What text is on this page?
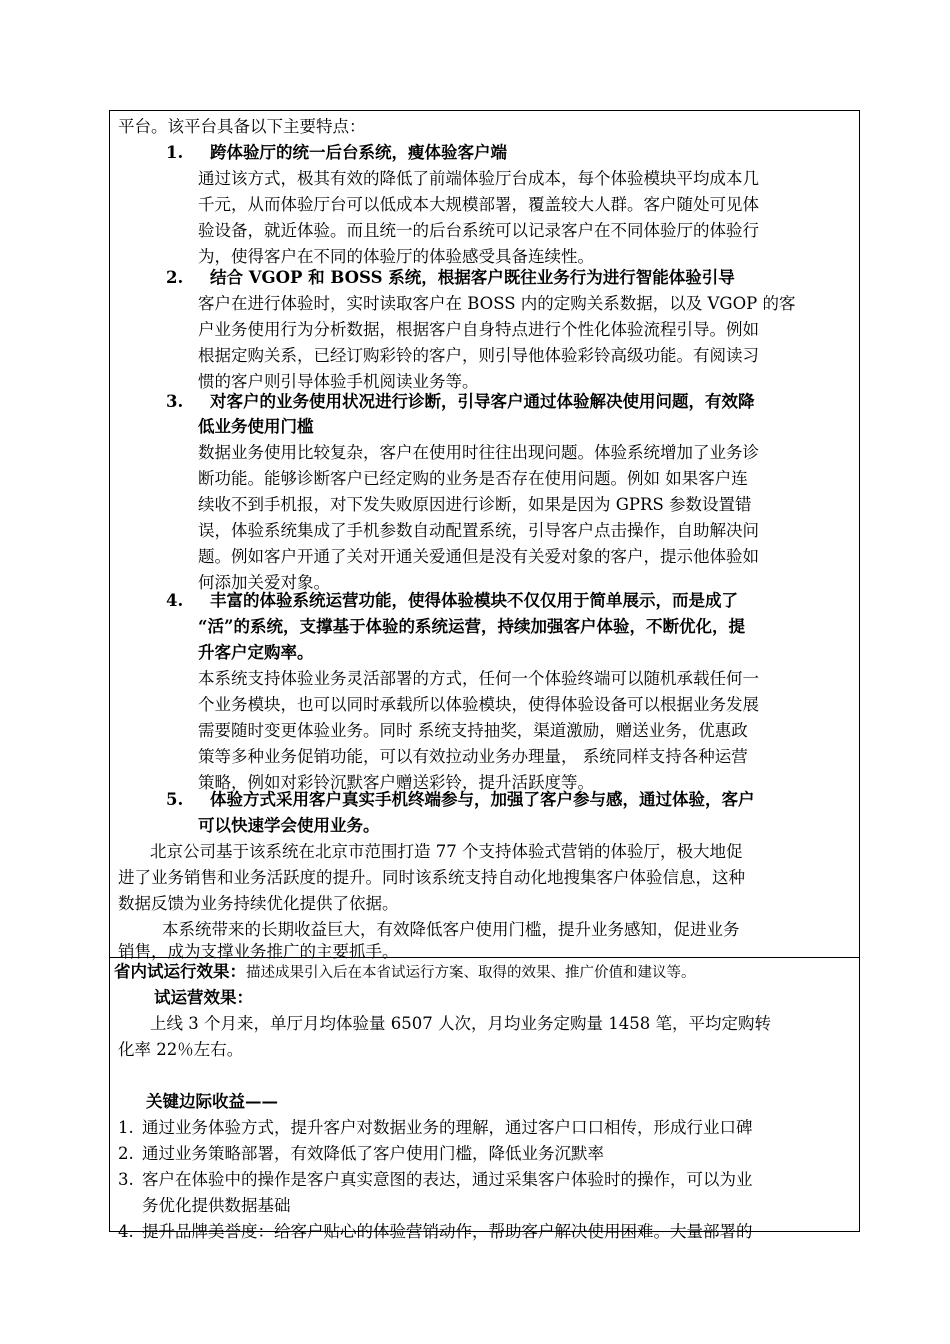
平台。该平台具备以下主要特点：
1. 跨体验厅的统一后台系统，瘦体验客户端
通过该方式，极其有效的降低了前端体验厅台成本，每个体验模块平均成本几
千元，从而体验厅台可以低成本大规模部署，覆盖较大人群。客户随处可见体
验设备，就近体验。而且统一的后台系统可以记录客户在不同体验厅的体验行
为，使得客户在不同的体验厅的体验感受具备连续性。
2. 结合 VGOP 和 BOSS 系统，根据客户既往业务行为进行智能体验引导
客户在进行体验时，实时读取客户在 BOSS 内的定购关系数据，以及 VGOP 的客
户业务使用行为分析数据，根据客户自身特点进行个性化体验流程引导。例如
根据定购关系，已经订购彩铃的客户，则引导他体验彩铃高级功能。有阅读习
惯的客户则引导体验手机阅读业务等。
3. 对客户的业务使用状况进行诊断，引导客户通过体验解决使用问题，有效降
低业务使用门槛
数据业务使用比较复杂，客户在使用时往往出现问题。体验系统增加了业务诊
断功能。能够诊断客户已经定购的业务是否存在使用问题。例如 如果客户连
续收不到手机报，对下发失败原因进行诊断，如果是因为 GPRS 参数设置错
误，体验系统集成了手机参数自动配置系统，引导客户点击操作，自助解决问
题。例如客户开通了关对开通关爱通但是没有关爱对象的客户，提示他体验如
何添加关爱对象。
4. 丰富的体验系统运营功能，使得体验模块不仅仅用于简单展示，而是成了
“活”的系统，支撑基于体验的系统运营，持续加强客户体验，不断优化，提
升客户定购率。
本系统支持体验业务灵活部署的方式，任何一个体验终端可以随机承载任何一
个业务模块，也可以同时承载所以体验模块，使得体验设备可以根据业务发展
需要随时变更体验业务。同时 系统支持抽奖，渠道激励，赠送业务，优惠政
策等多种业务促销功能，可以有效拉动业务办理量， 系统同样支持各种运营
策略，例如对彩铃沉默客户赠送彩铃，提升活跃度等。
5. 体验方式采用客户真实手机终端参与，加强了客户参与感，通过体验，客户
可以快速学会使用业务。
北京公司基于该系统在北京市范围打造 77 个支持体验式营销的体验厅，极大地促
进了业务销售和业务活跃度的提升。同时该系统支持自动化地搜集客户体验信息，这种
数据反馈为业务持续优化提供了依据。
本系统带来的长期收益巨大，有效降低客户使用门槛，提升业务感知，促进业务
销售，成为支撑业务推广的主要抓手。
省内试运行效果：描述成果引入后在本省试运行方案、取得的效果、推广价值和建议等。
试运营效果：
上线 3 个月来，单厅月均体验量 6507 人次，月均业务定购量 1458 笔，平均定购转
化率 22％左右。
关键边际收益——
1. 通过业务体验方式，提升客户对数据业务的理解，通过客户口口相传，形成行业口碑
2. 通过业务策略部署，有效降低了客户使用门槛，降低业务沉默率
3. 客户在体验中的操作是客户真实意图的表达，通过采集客户体验时的操作，可以为业
务优化提供数据基础
4. 提升品牌美誉度：给客户贴心的体验营销动作，帮助客户解决使用困难。大量部署的
